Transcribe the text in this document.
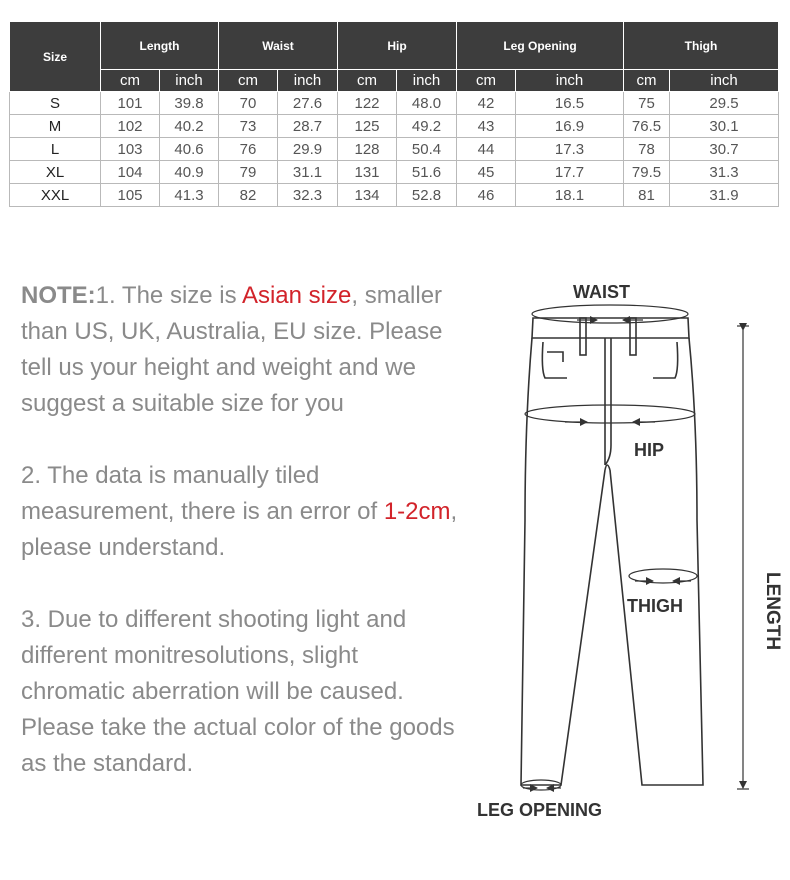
Size	Length		Waist		Hip		Leg Opening		Thigh	
	cm	inch	cm	inch	cm	inch	cm	inch	cm	inch
S	101	39.8	70	27.6	122	48.0	42	16.5	75	29.5
M	102	40.2	73	28.7	125	49.2	43	16.9	76.5	30.1
L	103	40.6	76	29.9	128	50.4	44	17.3	78	30.7
XL	104	40.9	79	31.1	131	51.6	45	17.7	79.5	31.3
XXL	105	41.3	82	32.3	134	52.8	46	18.1	81	31.9

NOTE:1. The size is Asian size, smaller than US, UK, Australia, EU size. Please tell us your height and weight and we suggest a suitable size for you

2. The data is manually tiled measurement, there is an error of 1-2cm, please understand.

3. Due to different shooting light and different monitresolutions, slight chromatic aberration will be caused. Please take the actual color of the goods as the standard.

WAIST
HIP
THIGH	LENGTH
LEG OPENING
